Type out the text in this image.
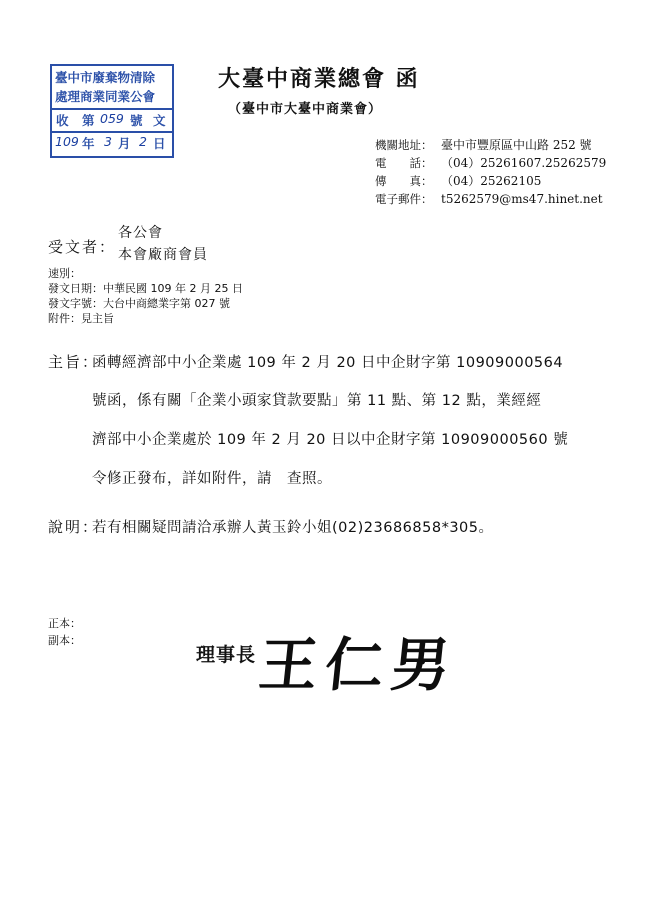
臺中市廢棄物清除
處理商業同業公會
收 第 059 號 文
109 年 3 月 2 日
大臺中商業總會 函
（臺中市大臺中商業會）
機關地址： 臺中市豐原區中山路 252 號
電　　話： （04）25261607.25262579
傳　　真： （04）25262105
電子郵件： t5262579@ms47.hinet.net
受文者：
各公會
本會廠商會員
速別：
發文日期：中華民國 109 年 2 月 25 日
發文字號：大台中商總業字第 027 號
附件：見主旨
主旨：
函轉經濟部中小企業處 109 年 2 月 20 日中企財字第 10909000564
號函，係有關「企業小頭家貸款要點」第 11 點、第 12 點，業經經
濟部中小企業處於 109 年 2 月 20 日以中企財字第 10909000560 號
令修正發布，詳如附件，請　查照。
說明：
若有相關疑問請洽承辦人黃玉鈴小姐(02)23686858*305。
正本：
副本：
理事長 王仁男
